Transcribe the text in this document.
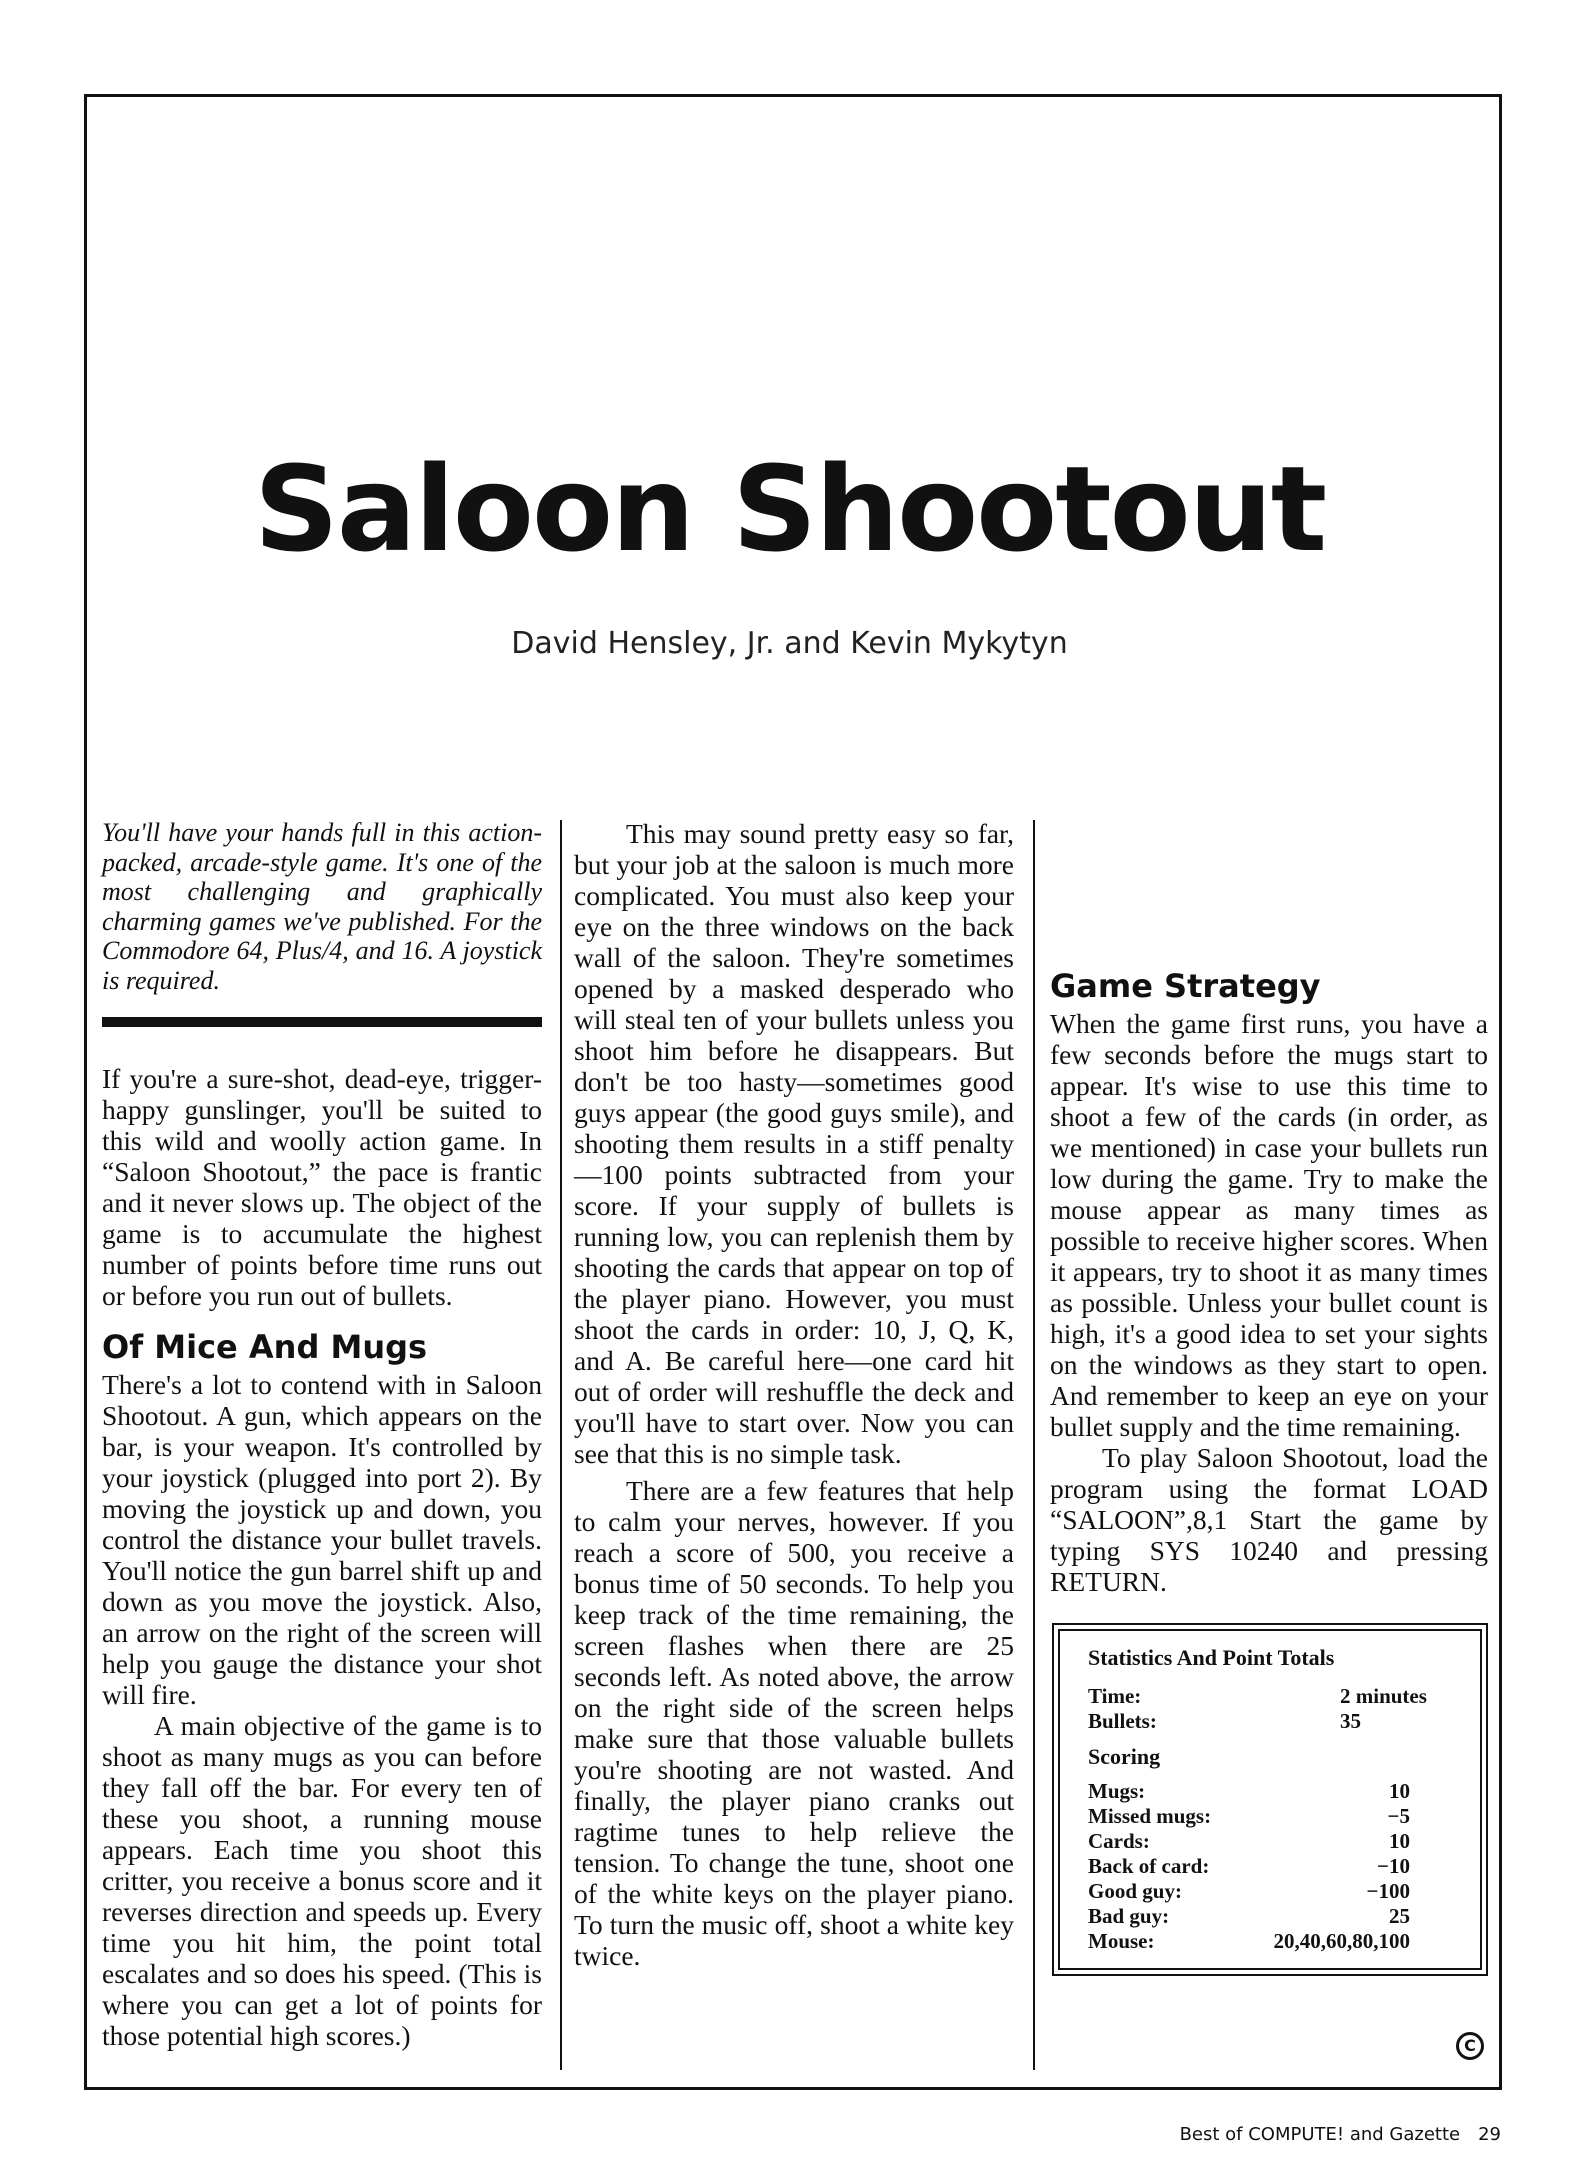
Saloon Shootout
David Hensley, Jr. and Kevin Mykytyn

You'll have your hands full in this action-packed, arcade-style game. It's one of the most challenging and graphically charming games we've published. For the Commodore 64, Plus/4, and 16. A joystick is required.

If you're a sure-shot, dead-eye, trigger-happy gunslinger, you'll be suited to this wild and woolly action game. In “Saloon Shootout,” the pace is frantic and it never slows up. The object of the game is to accumulate the highest number of points before time runs out or before you run out of bullets.

Of Mice And Mugs

There's a lot to contend with in Saloon Shootout. A gun, which appears on the bar, is your weapon. It's controlled by your joystick (plugged into port 2). By moving the joystick up and down, you control the distance your bullet travels. You'll notice the gun barrel shift up and down as you move the joystick. Also, an arrow on the right of the screen will help you gauge the distance your shot will fire.

A main objective of the game is to shoot as many mugs as you can before they fall off the bar. For every ten of these you shoot, a running mouse appears. Each time you shoot this critter, you receive a bonus score and it reverses direction and speeds up. Every time you hit him, the point total escalates and so does his speed. (This is where you can get a lot of points for those potential high scores.)

This may sound pretty easy so far, but your job at the saloon is much more complicated. You must also keep your eye on the three windows on the back wall of the saloon. They're sometimes opened by a masked desperado who will steal ten of your bullets unless you shoot him before he disappears. But don't be too hasty—sometimes good guys appear (the good guys smile), and shooting them results in a stiff penalty—100 points subtracted from your score. If your supply of bullets is running low, you can replenish them by shooting the cards that appear on top of the player piano. However, you must shoot the cards in order: 10, J, Q, K, and A. Be careful here—one card hit out of order will reshuffle the deck and you'll have to start over. Now you can see that this is no simple task.

There are a few features that help to calm your nerves, however. If you reach a score of 500, you receive a bonus time of 50 seconds. To help you keep track of the time remaining, the screen flashes when there are 25 seconds left. As noted above, the arrow on the right side of the screen helps make sure that those valuable bullets you're shooting are not wasted. And finally, the player piano cranks out ragtime tunes to help relieve the tension. To change the tune, shoot one of the white keys on the player piano. To turn the music off, shoot a white key twice.

Game Strategy

When the game first runs, you have a few seconds before the mugs start to appear. It's wise to use this time to shoot a few of the cards (in order, as we mentioned) in case your bullets run low during the game. Try to make the mouse appear as many times as possible to receive higher scores. When it appears, try to shoot it as many times as possible. Unless your bullet count is high, it's a good idea to set your sights on the windows as they start to open. And remember to keep an eye on your bullet supply and the time remaining.

To play Saloon Shootout, load the program using the format LOAD “SALOON”,8,1 Start the game by typing SYS 10240 and pressing RETURN.

Statistics And Point Totals
Time:	2 minutes
Bullets:	35
Scoring
Mugs:	10
Missed mugs:	−5
Cards:	10
Back of card:	−10
Good guy:	−100
Bad guy:	25
Mouse:	20,40,60,80,100
C
Best of COMPUTE! and Gazette 29
